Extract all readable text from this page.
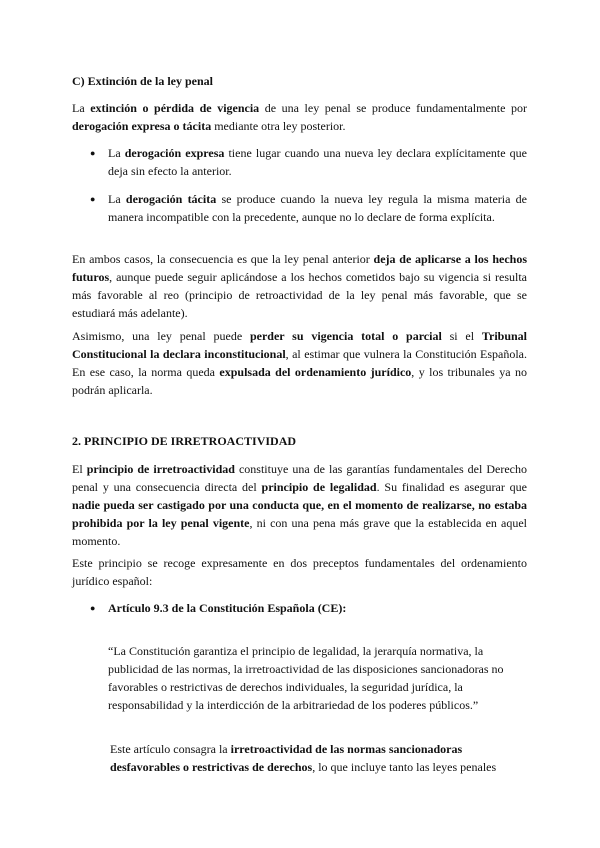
C) Extinción de la ley penal

La extinción o pérdida de vigencia de una ley penal se produce fundamentalmente por derogación expresa o tácita mediante otra ley posterior.

● La derogación expresa tiene lugar cuando una nueva ley declara explícitamente que deja sin efecto la anterior.

● La derogación tácita se produce cuando la nueva ley regula la misma materia de manera incompatible con la precedente, aunque no lo declare de forma explícita.

En ambos casos, la consecuencia es que la ley penal anterior deja de aplicarse a los hechos futuros, aunque puede seguir aplicándose a los hechos cometidos bajo su vigencia si resulta más favorable al reo (principio de retroactividad de la ley penal más favorable, que se estudiará más adelante).

Asimismo, una ley penal puede perder su vigencia total o parcial si el Tribunal Constitucional la declara inconstitucional, al estimar que vulnera la Constitución Española. En ese caso, la norma queda expulsada del ordenamiento jurídico, y los tribunales ya no podrán aplicarla.

2. PRINCIPIO DE IRRETROACTIVIDAD

El principio de irretroactividad constituye una de las garantías fundamentales del Derecho penal y una consecuencia directa del principio de legalidad. Su finalidad es asegurar que nadie pueda ser castigado por una conducta que, en el momento de realizarse, no estaba prohibida por la ley penal vigente, ni con una pena más grave que la establecida en aquel momento.

Este principio se recoge expresamente en dos preceptos fundamentales del ordenamiento jurídico español:

● Artículo 9.3 de la Constitución Española (CE):

“La Constitución garantiza el principio de legalidad, la jerarquía normativa, la publicidad de las normas, la irretroactividad de las disposiciones sancionadoras no favorables o restrictivas de derechos individuales, la seguridad jurídica, la responsabilidad y la interdicción de la arbitrariedad de los poderes públicos.”

Este artículo consagra la irretroactividad de las normas sancionadoras desfavorables o restrictivas de derechos, lo que incluye tanto las leyes penales
